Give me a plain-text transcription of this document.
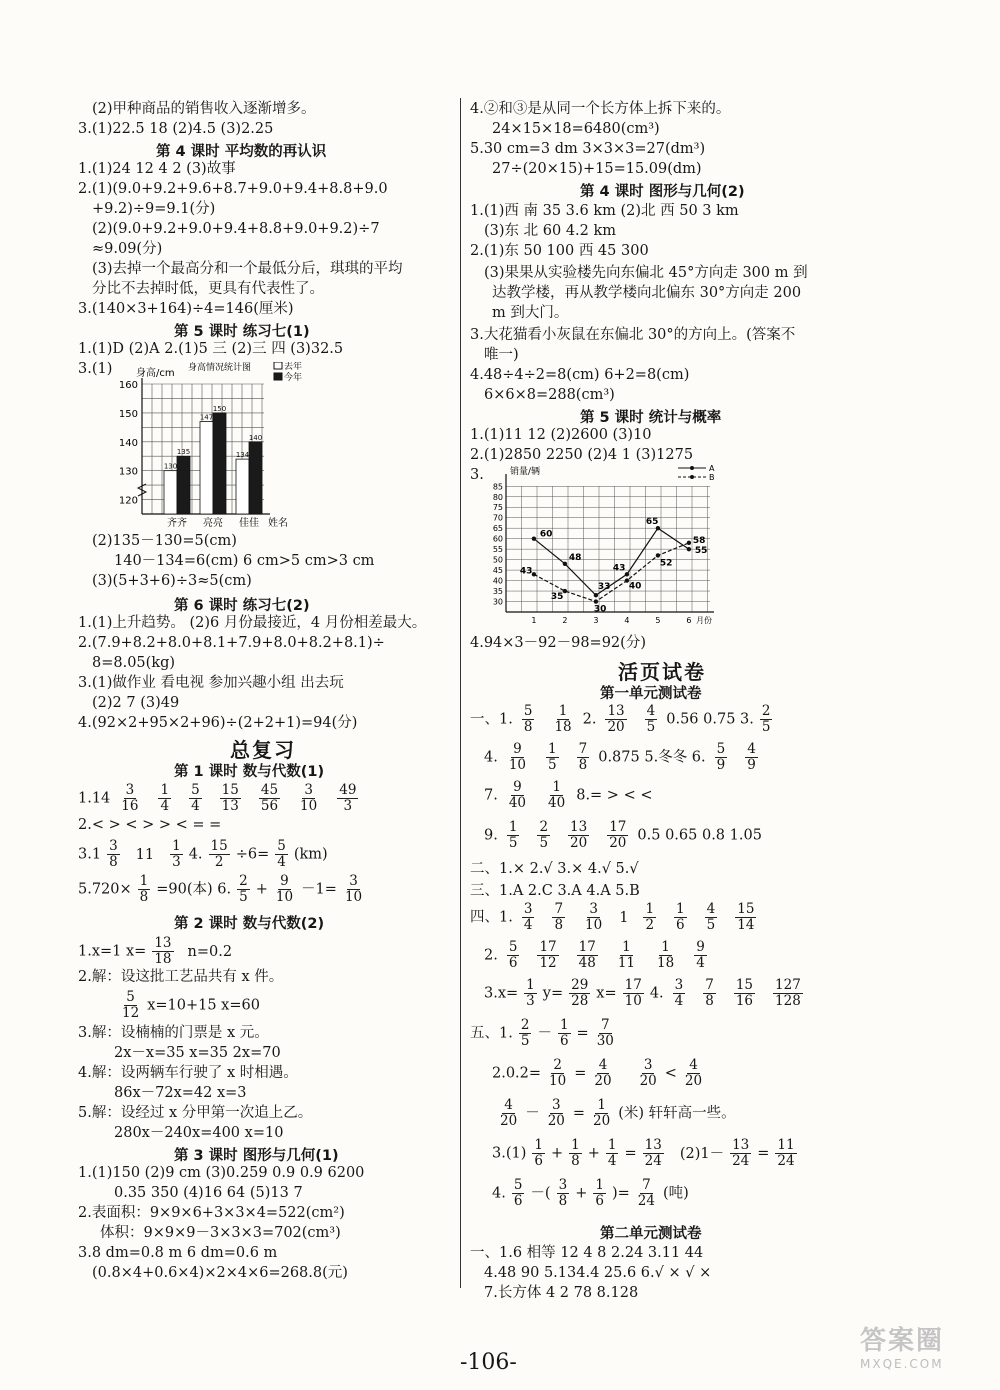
(2)甲种商品的销售收入逐渐增多。
3.(1)22.5 18 (2)4.5 (3)2.25
第 4 课时 平均数的再认识
1.(1)24 12 4 2 (3)故事
2.(1)(9.0+9.2+9.6+8.7+9.0+9.4+8.8+9.0
+9.2)÷9=9.1(分)
(2)(9.0+9.2+9.0+9.4+8.8+9.0+9.2)÷7
≈9.09(分)
(3)去掉一个最高分和一个最低分后，琪琪的平均
分比不去掉时低，更具有代表性了。
3.(140×3+164)÷4=146(厘米)
第 5 课时 练习七(1)
1.(1)D (2)A 2.(1)5 三 (2)三 四 (3)32.5
3.(1)
120
130
140
150
160
身高/cm 身高情况统计图	去年
今年
130
135
齐齐
147
150
亮亮
134
140
佳佳 姓名
(2)135－130=5(cm)
140－134=6(cm) 6 cm>5 cm>3 cm
(3)(5+3+6)÷3≈5(cm)
第 6 课时 练习七(2)
1.(1)上升趋势。 (2)6 月份最接近，4 月份相差最大。
2.(7.9+8.2+8.0+8.1+7.9+8.0+8.2+8.1)÷
8=8.05(kg)
3.(1)做作业 看电视 参加兴趣小组 出去玩
(2)2 7 (3)49
4.(92×2+95×2+96)÷(2+2+1)=94(分)
总复习
第 1 课时 数与代数(1)
$1.14 \frac{3}{16} \frac{1}{4} \frac{5}{4} \frac{15}{13} \frac{45}{56} \frac{3}{10} \frac{49}{3}$
2.< > < > > < = =
$3.1 \frac{3}{8} 11 \frac{1}{3} 4$. $\frac{15}{2} \div 6= \frac{5}{4} (km)$
$5.720\times \frac{1}{8} =90$(本) 6. $\frac{2}{5} + \frac{9}{10} -1= \frac{3}{10}$
第 2 课时 数与代数(2)
1.x=1 $x= \frac{13}{18} n=0.2$
2.解：设这批工艺品共有 x 件。
$\frac{5}{12} x=10+15$ x=60
3.解：设楠楠的门票是 x 元。
2x－x=35 x=35 2x=70
4.解：设两辆车行驶了 x 时相遇。
86x－72x=42 x=3
5.解：设经过 x 分甲第一次追上乙。
280x－240x=400 x=10
第 3 课时 图形与几何(1)
1.(1)150 (2)9 cm (3)0.259 0.9 0.9 6200
0.35 350 (4)16 64 (5)13 7
2.表面积：9×9×6+3×3×4=522(cm²)
体积：9×9×9－3×3×3=702(cm³)
3.8 dm=0.8 m 6 dm=0.6 m
(0.8×4+0.6×4)×2×4×6=268.8(元)
4.②和③是从同一个长方体上拆下来的。
24×15×18=6480(cm³)
5.30 cm=3 dm 3×3×3=27(dm³)
27÷(20×15)+15=15.09(dm)
第 4 课时 图形与几何(2)
1.(1)西 南 35 3.6 km (2)北 西 50 3 km
(3)东 北 60 4.2 km
2.(1)东 50 100 西 45 300
(3)果果从实验楼先向东偏北 45°方向走 300 m 到
达教学楼，再从教学楼向北偏东 30°方向走 200
m 到大门。
3.大花猫看小灰鼠在东偏北 30°的方向上。(答案不
唯一)
4.48÷4÷2=8(cm) 6+2=8(cm)
6×6×8=288(cm³)
第 5 课时 统计与概率
1.(1)11 12 (2)2600 (3)10
2.(1)2850 2250 (2)4 1 (3)1275
3.
30
35
40
45
50
55
60
65
70
75
80
85
1	2	3	4	5	6
销量/辆
月份
A
B
60
48
33
43
65
55
43
35
30
40
52
58
4.94×3－92－98=92(分)
活页试卷
第一单元测试卷
一、1. $\frac{5}{8} \frac{1}{18} 2$. $\frac{13}{20} \frac{4}{5} 0.56$ 0.75 3. $\frac{2}{5}$
4. $\frac{9}{10} \frac{1}{5} \frac{7}{8} 0.875$ 5.冬冬 6. $\frac{5}{9} \frac{4}{9}$
7. $\frac{9}{40} \frac{1}{40} 8.=$ > < <
9. $\frac{1}{5} \frac{2}{5} \frac{13}{20} \frac{17}{20} 0.5$ 0.65 0.8 1.05
二、1.× 2.√ 3.× 4.√ 5.√
三、1.A 2.C 3.A 4.A 5.B
四、1. $\frac{3}{4} \frac{7}{8} \frac{3}{10} 1 \frac{1}{2} \frac{1}{6} \frac{4}{5} \frac{15}{14}$
2. $\frac{5}{6} \frac{17}{12} \frac{17}{48} \frac{1}{11} \frac{1}{18} \frac{9}{4}$
$3.x= \frac{1}{3} y= \frac{29}{28} x= \frac{17}{10} 4$. $\frac{3}{4} \frac{7}{8} \frac{15}{16} \frac{127}{128}$
五、1. $\frac{2}{5} - \frac{1}{6} = \frac{7}{30}$
$2.0.2= \frac{2}{10} = \frac{4}{20} \frac{3}{20} < \frac{4}{20}$
$\frac{4}{20} - \frac{3}{20} = \frac{1}{20}$ (米) 轩轩高一些。
$3.(1) \frac{1}{6} + \frac{1}{8} + \frac{1}{4} = \frac{13}{24} (2)1- \frac{13}{24} = \frac{11}{24}$
4. $\frac{5}{6}$ －( $\frac{3}{8} + \frac{1}{6}$ )= $\frac{7}{24}$ (吨)
第二单元测试卷
一、1.6 相等 12 4 8 2.24 3.11 44
4.48 90 5.134.4 25.6 6.√ × √ ×
7.长方体 4 2 78 8.128
-106-
答案圈
MXQE.COM
